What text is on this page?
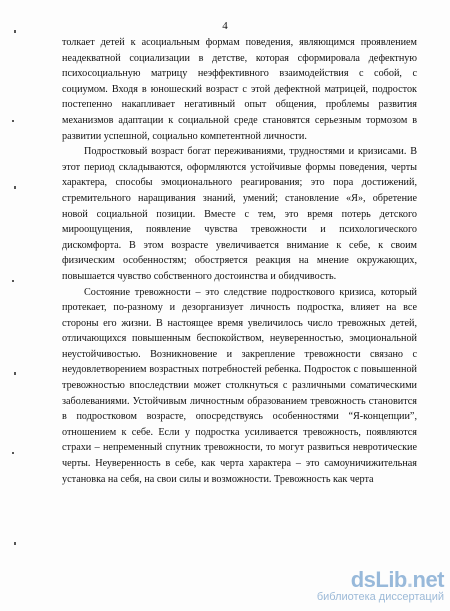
4

толкает детей к асоциальным формам поведения, являющимся проявлением неадекватной социализации в детстве, которая сформировала дефектную психосоциальную матрицу неэффективного взаимодействия с собой, с социумом. Входя в юношеский возраст с этой дефектной матрицей, подросток постепенно накапливает негативный опыт общения, проблемы развития механизмов адаптации к социальной среде становятся серьезным тормозом в развитии успешной, социально компетентной личности.

Подростковый возраст богат переживаниями, трудностями и кризисами. В этот период складываются, оформляются устойчивые формы поведения, черты характера, способы эмоционального реагирования; это пора достижений, стремительного наращивания знаний, умений; становление «Я», обретение новой социальной позиции. Вместе с тем, это время потерь детского мироощущения, появление чувства тревожности и психологического дискомфорта. В этом возрасте увеличивается внимание к себе, к своим физическим особенностям; обостряется реакция на мнение окружающих, повышается чувство собственного достоинства и обидчивость.

Состояние тревожности – это следствие подросткового кризиса, который протекает, по-разному и дезорганизует личность подростка, влияет на все стороны его жизни. В настоящее время увеличилось число тревожных детей, отличающихся повышенным беспокойством, неуверенностью, эмоциональной неустойчивостью. Возникновение и закрепление тревожности связано с неудовлетворением возрастных потребностей ребенка. Подросток с повышенной тревожностью впоследствии может столкнуться с различными соматическими заболеваниями. Устойчивым личностным образованием тревожность становится в подростковом возрасте, опосредствуясь особенностями “Я-концепции”, отношением к себе. Если у подростка усиливается тревожность, появляются страхи – непременный спутник тревожности, то могут развиться невротические черты. Неуверенность в себе, как черта характера – это самоуничижительная установка на себя, на свои силы и возможности. Тревожность как черта

dsLib.net
библиотека диссертаций
